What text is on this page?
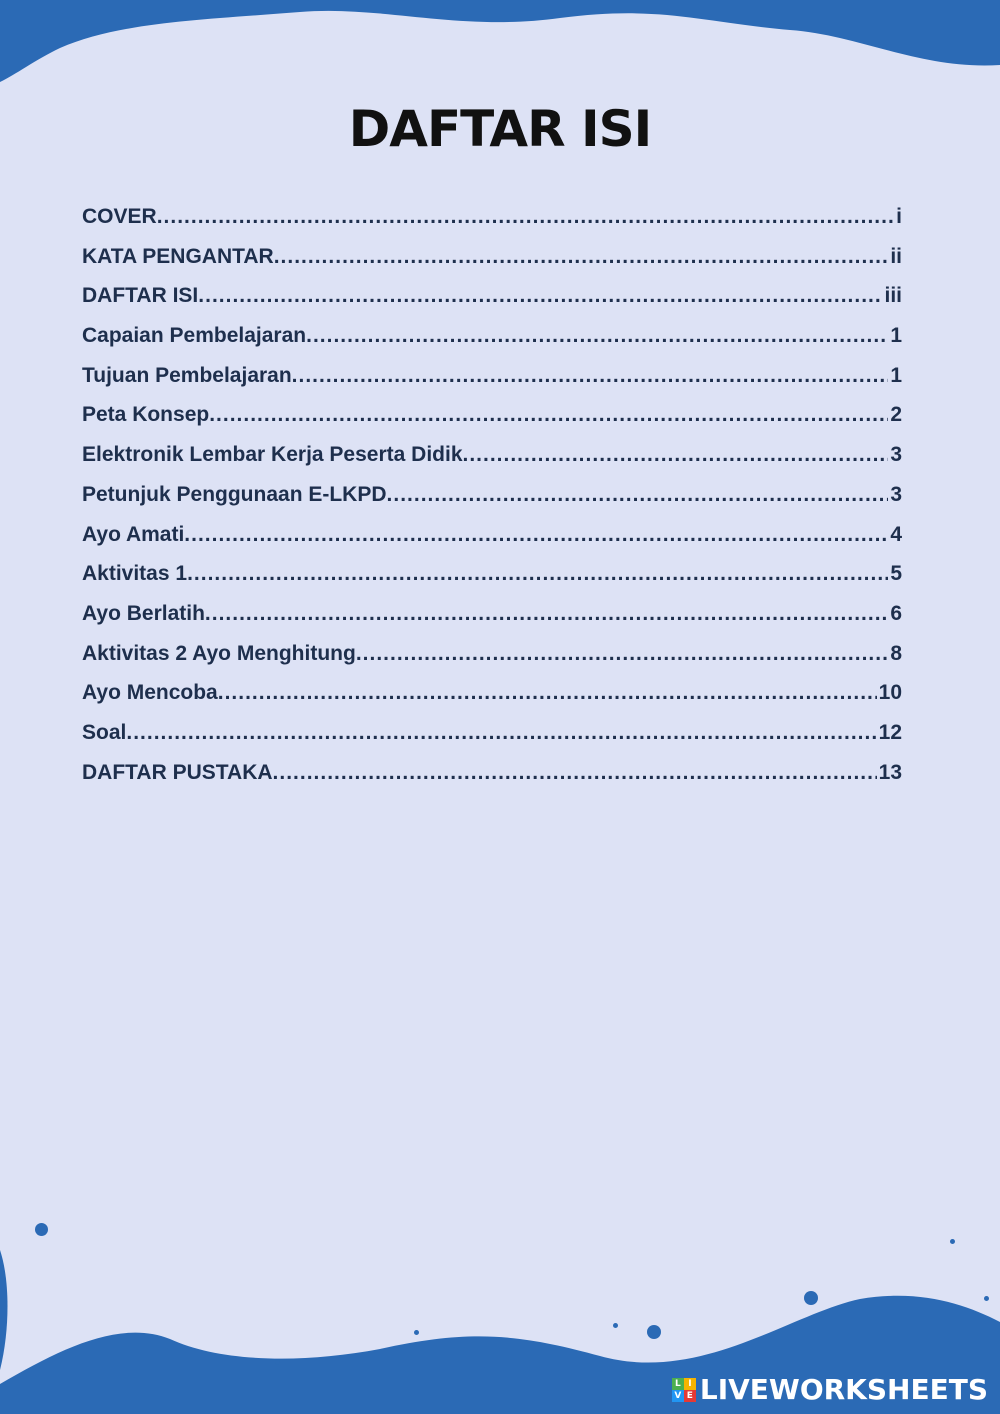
DAFTAR ISI
COVER .....	i
KATA PENGANTAR .....	ii
DAFTAR ISI .....	iii
Capaian Pembelajaran .....	1
Tujuan Pembelajaran .....	1
Peta Konsep .....	2
Elektronik Lembar Kerja Peserta Didik .....	3
Petunjuk Penggunaan E-LKPD .....	3
Ayo Amati .....	4
Aktivitas 1 .....	5
Ayo Berlatih .....	6
Aktivitas 2 Ayo Menghitung .....	8
Ayo Mencoba .....	10
Soal .....	12
DAFTAR PUSTAKA .....	13
L I
V E LIVEWORKSHEETS
